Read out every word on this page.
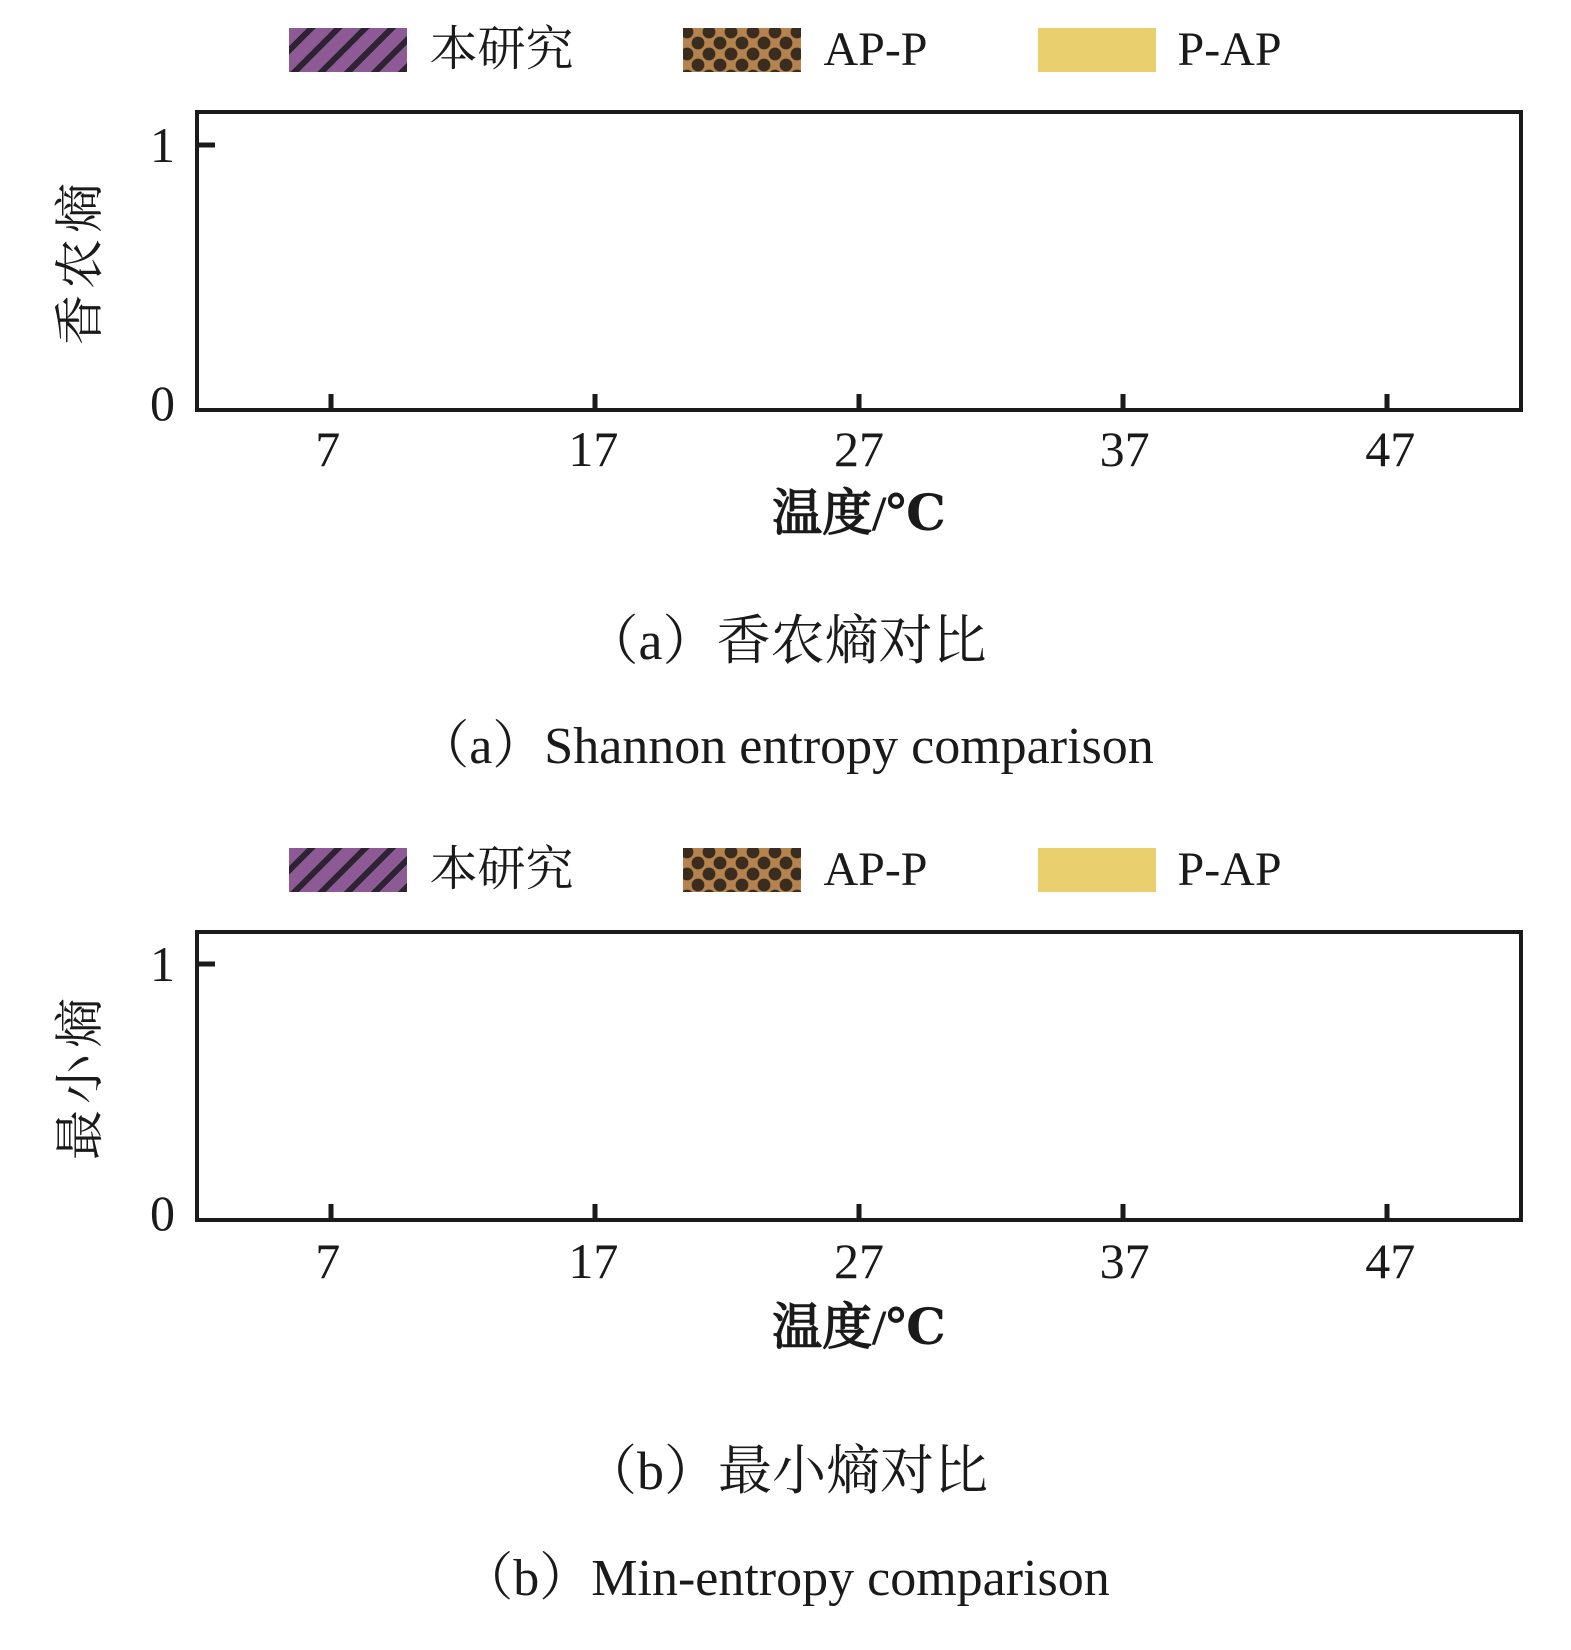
本研究	AP-P	P-AP
香农熵
1
0
7	17	27	37	47
温度/℃
（a）香农熵对比
（a）Shannon entropy comparison
本研究	AP-P	P-AP
最小熵
1
0
7	17	27	37	47
温度/℃
（b）最小熵对比
（b）Min-entropy comparison
